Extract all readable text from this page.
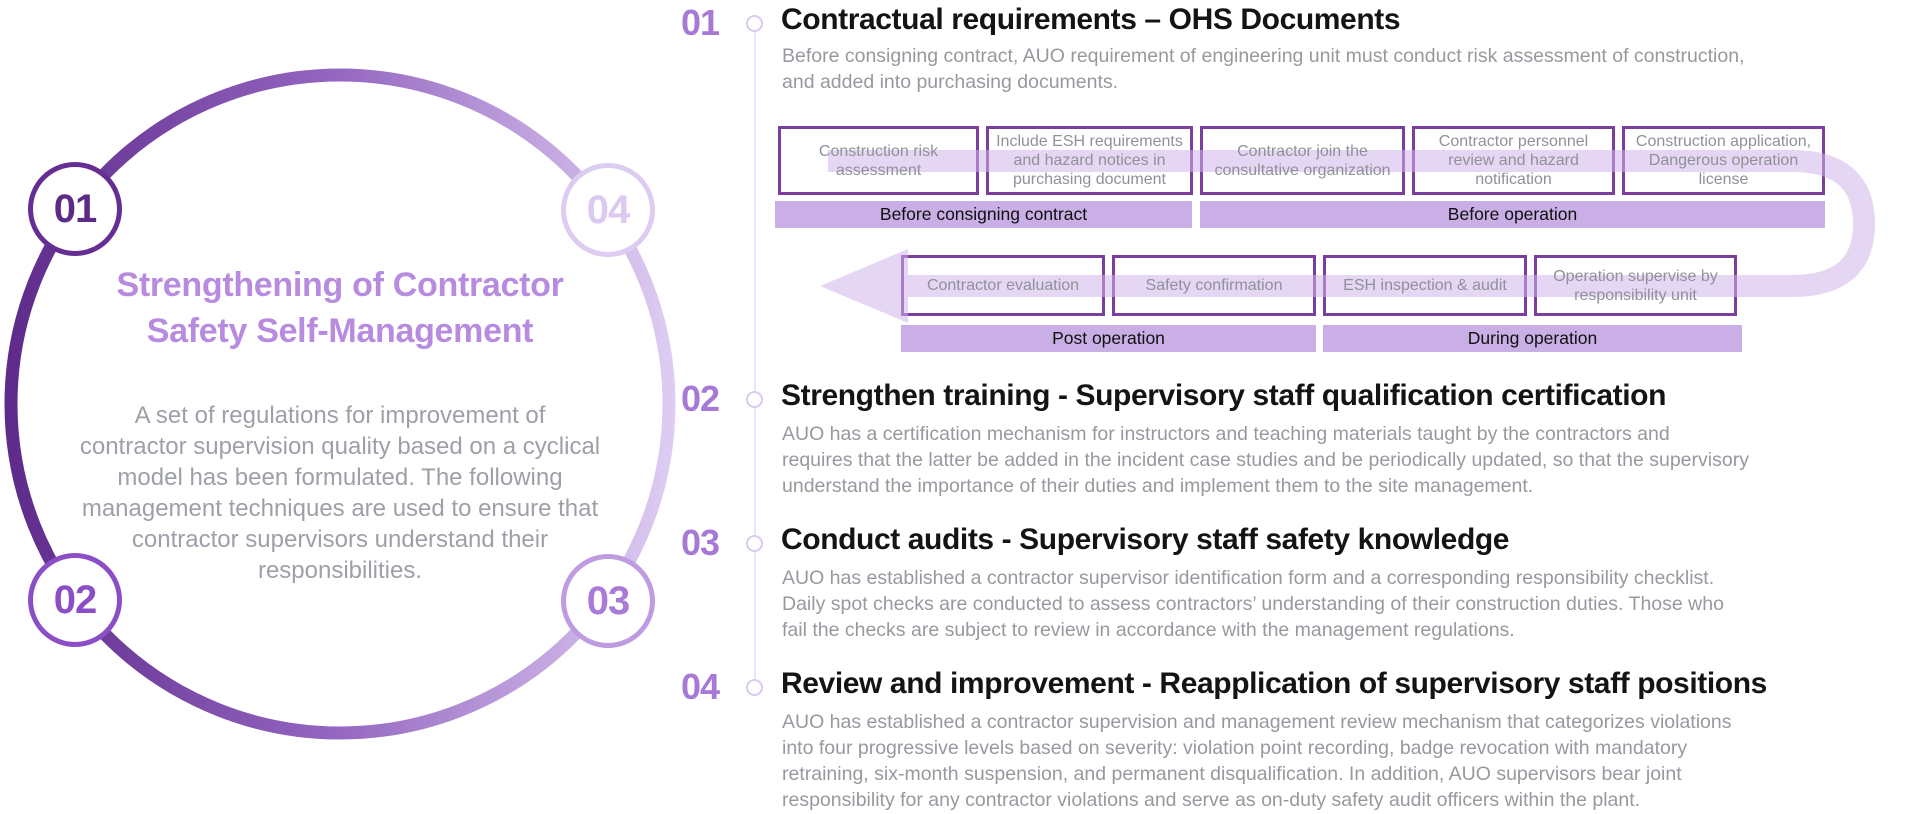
01
02	03
04
Strengthening of Contractor
Safety Self-Management
A set of regulations for improvement of
contractor supervision quality based on a cyclical
model has been formulated. The following
management techniques are used to ensure that
contractor supervisors understand their
responsibilities.
01	Contractual requirements – OHS Documents
Before consigning contract, AUO requirement of engineering unit must conduct risk assessment of construction,
and added into purchasing documents.
Construction risk assessment
Include ESH requirements and hazard notices in purchasing document
Contractor join the consultative organization
Contractor personnel review and hazard notification
Construction application, Dangerous operation license
Before consigning contract	Before operation
Contractor evaluation	Safety confirmation	ESH inspection & audit
Operation supervise by responsibility unit
Post operation	During operation
02	Strengthen training - Supervisory staff qualification certification
AUO has a certification mechanism for instructors and teaching materials taught by the contractors and
requires that the latter be added in the incident case studies and be periodically updated, so that the supervisory
understand the importance of their duties and implement them to the site management.
03	Conduct audits - Supervisory staff safety knowledge
AUO has established a contractor supervisor identification form and a corresponding responsibility checklist.
Daily spot checks are conducted to assess contractors’ understanding of their construction duties. Those who
fail the checks are subject to review in accordance with the management regulations.
04	Review and improvement - Reapplication of supervisory staff positions
AUO has established a contractor supervision and management review mechanism that categorizes violations
into four progressive levels based on severity: violation point recording, badge revocation with mandatory
retraining, six-month suspension, and permanent disqualification. In addition, AUO supervisors bear joint
responsibility for any contractor violations and serve as on-duty safety audit officers within the plant.
